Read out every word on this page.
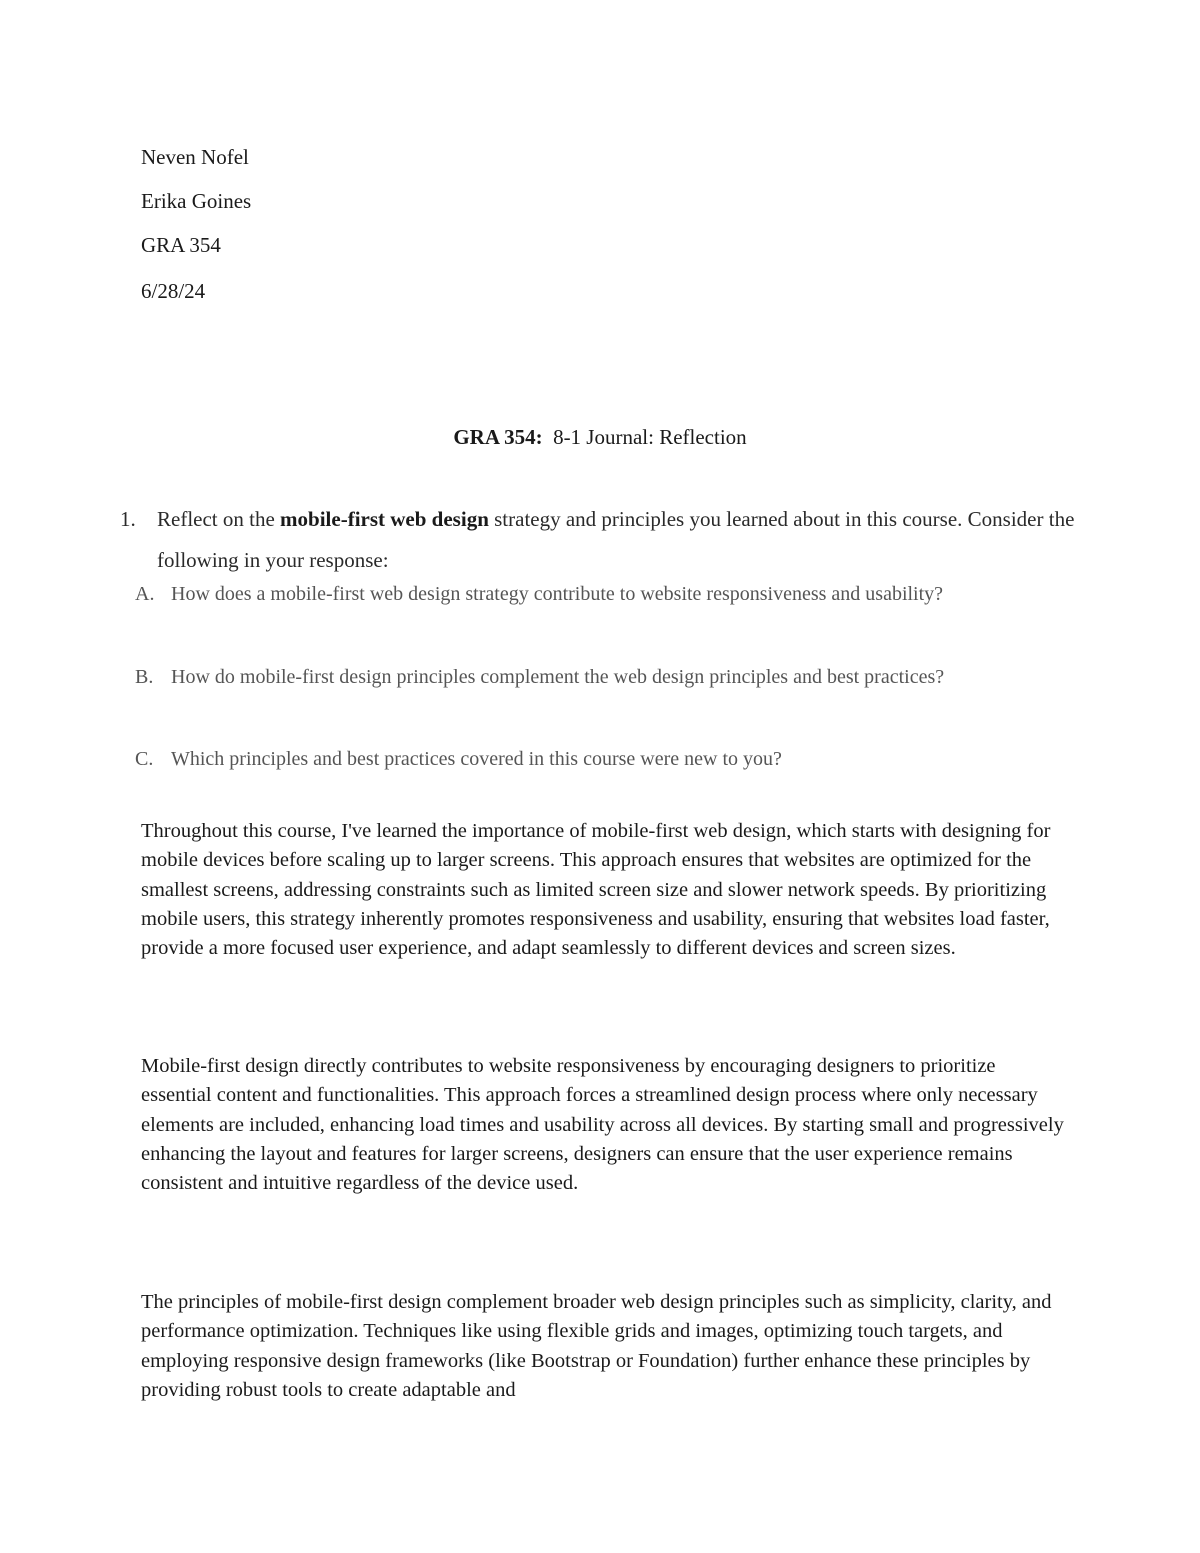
Neven Nofel

Erika Goines

GRA 354

6/28/24

GRA 354: 8-1 Journal: Reflection

1. Reflect on the mobile-first web design strategy and principles you learned about in this course. Consider the following in your response:

A. How does a mobile-first web design strategy contribute to website responsiveness and usability?

B. How do mobile-first design principles complement the web design principles and best practices?

C. Which principles and best practices covered in this course were new to you?

Throughout this course, I've learned the importance of mobile-first web design, which starts with designing for mobile devices before scaling up to larger screens. This approach ensures that websites are optimized for the smallest screens, addressing constraints such as limited screen size and slower network speeds. By prioritizing mobile users, this strategy inherently promotes responsiveness and usability, ensuring that websites load faster, provide a more focused user experience, and adapt seamlessly to different devices and screen sizes.

Mobile-first design directly contributes to website responsiveness by encouraging designers to prioritize essential content and functionalities. This approach forces a streamlined design process where only necessary elements are included, enhancing load times and usability across all devices. By starting small and progressively enhancing the layout and features for larger screens, designers can ensure that the user experience remains consistent and intuitive regardless of the device used.

The principles of mobile-first design complement broader web design principles such as simplicity, clarity, and performance optimization. Techniques like using flexible grids and images, optimizing touch targets, and employing responsive design frameworks (like Bootstrap or Foundation) further enhance these principles by providing robust tools to create adaptable and
